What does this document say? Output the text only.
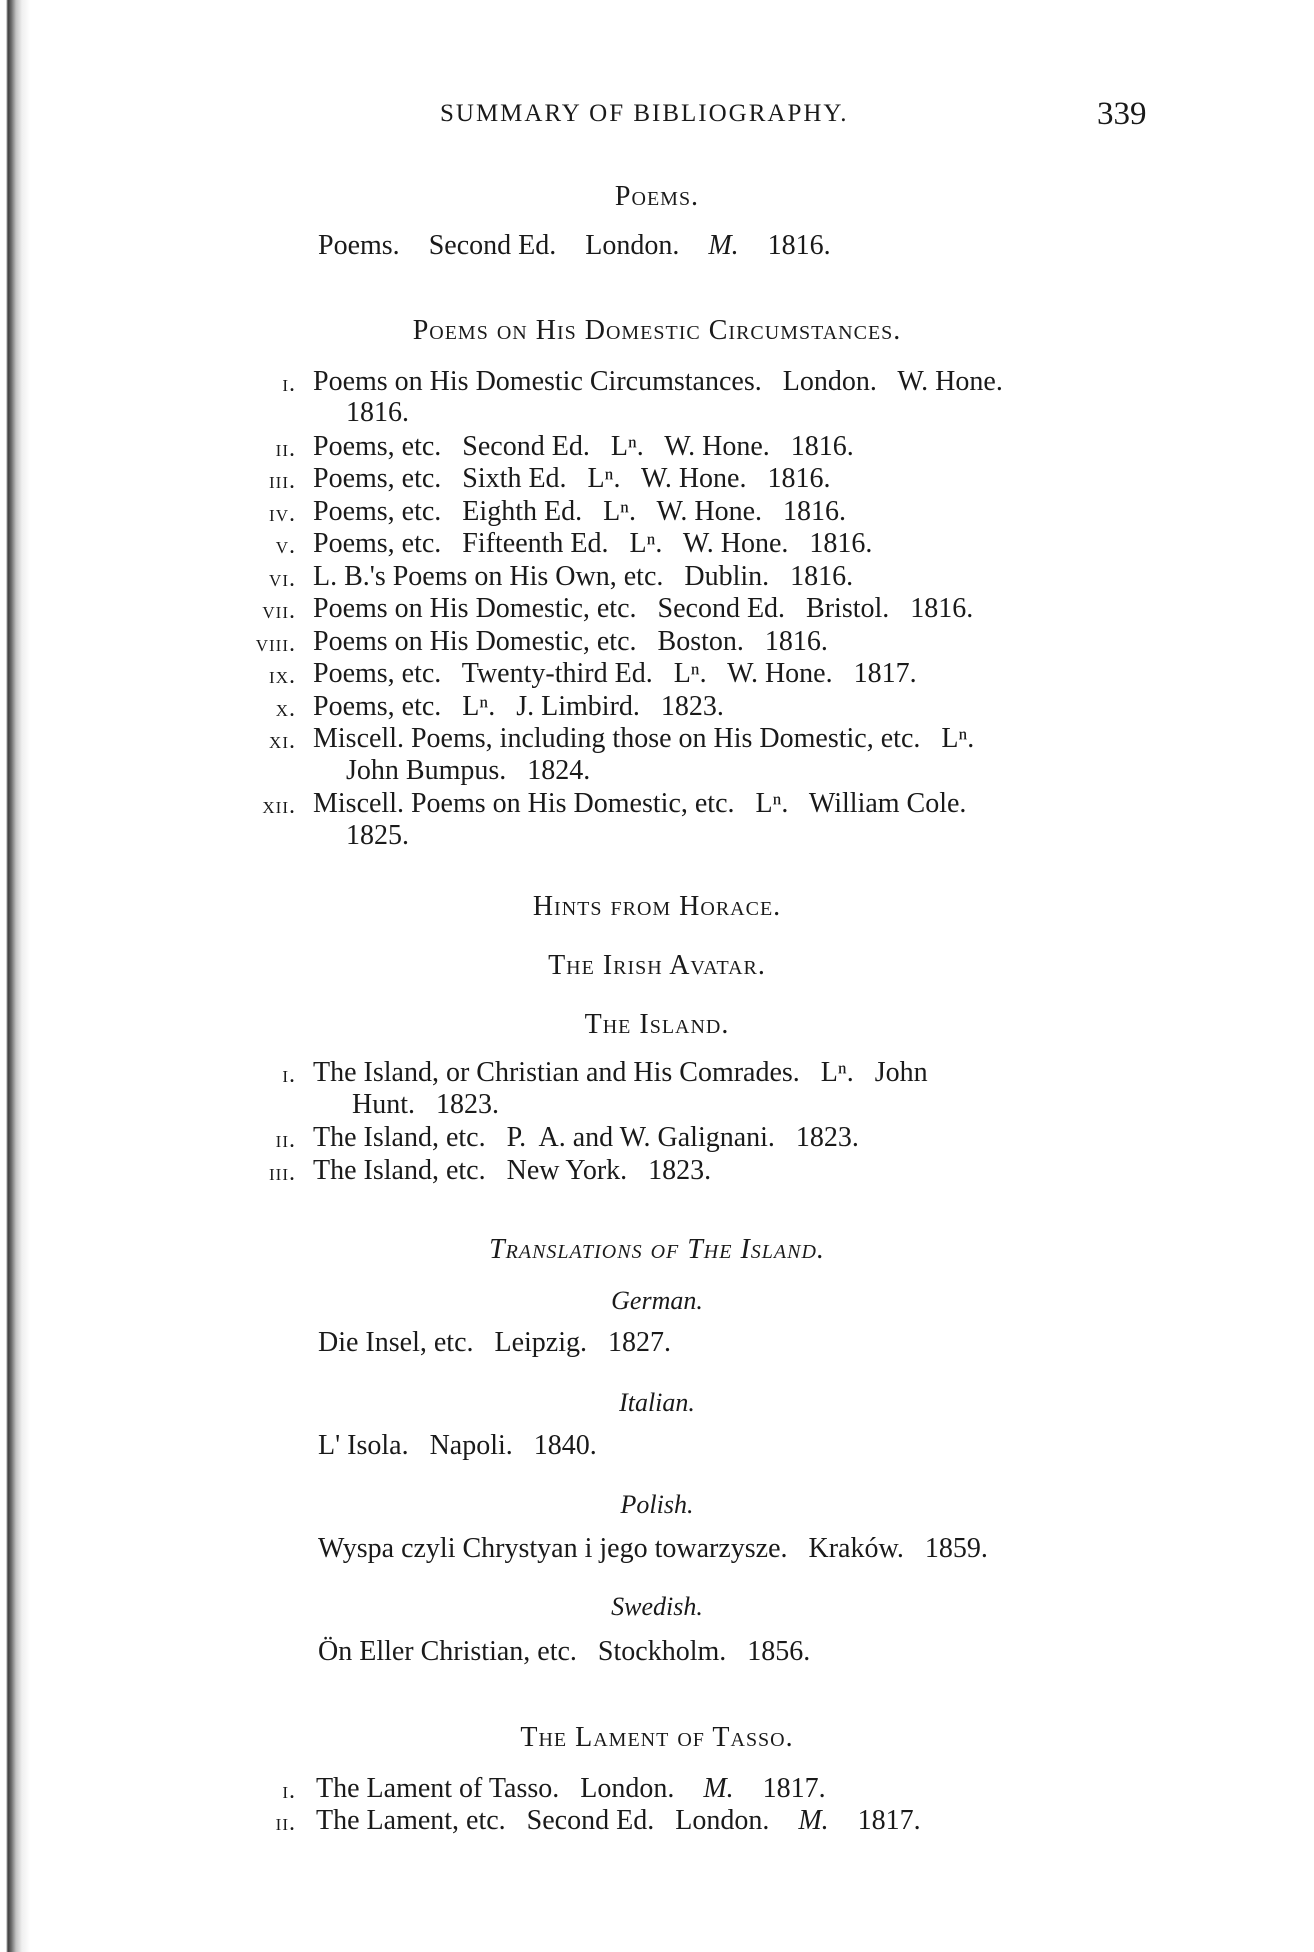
SUMMARY OF BIBLIOGRAPHY.	339
Poems.
Poems. Second Ed. London. M. 1816.
Poems on His Domestic Circumstances.
i. Poems on His Domestic Circumstances.   London.   W. Hone.
1816.
ii. Poems, etc.   Second Ed.   Lⁿ.   W. Hone.   1816.
iii. Poems, etc.   Sixth Ed.   Lⁿ.   W. Hone.   1816.
iv. Poems, etc.   Eighth Ed.   Lⁿ.   W. Hone.   1816.
v. Poems, etc.   Fifteenth Ed.   Lⁿ.   W. Hone.   1816.
vi. L. B.'s Poems on His Own, etc.   Dublin.   1816.
vii. Poems on His Domestic, etc.   Second Ed.   Bristol.   1816.
viii. Poems on His Domestic, etc.   Boston.   1816.
ix. Poems, etc.   Twenty-third Ed.   Lⁿ.   W. Hone.   1817.
x. Poems, etc.   Lⁿ.   J. Limbird.   1823.
xi. Miscell. Poems, including those on His Domestic, etc.   Lⁿ.
John Bumpus.   1824.
xii. Miscell. Poems on His Domestic, etc.   Lⁿ.   William Cole.
1825.
Hints from Horace.
The Irish Avatar.
The Island.
i. The Island, or Christian and His Comrades.   Lⁿ.   John
Hunt.   1823.
ii. The Island, etc.   P.  A. and W. Galignani.   1823.
iii. The Island, etc.   New York.   1823.
Translations of The Island.
German.
Die Insel, etc.   Leipzig.   1827.
Italian.
L' Isola.   Napoli.   1840.
Polish.
Wyspa czyli Chrystyan i jego towarzysze.   Kraków.   1859.
Swedish.
Ön Eller Christian, etc.   Stockholm.   1856.
The Lament of Tasso.
i. The Lament of Tasso.   London. M. 1817.
ii. The Lament, etc.   Second Ed.   London. M. 1817.
